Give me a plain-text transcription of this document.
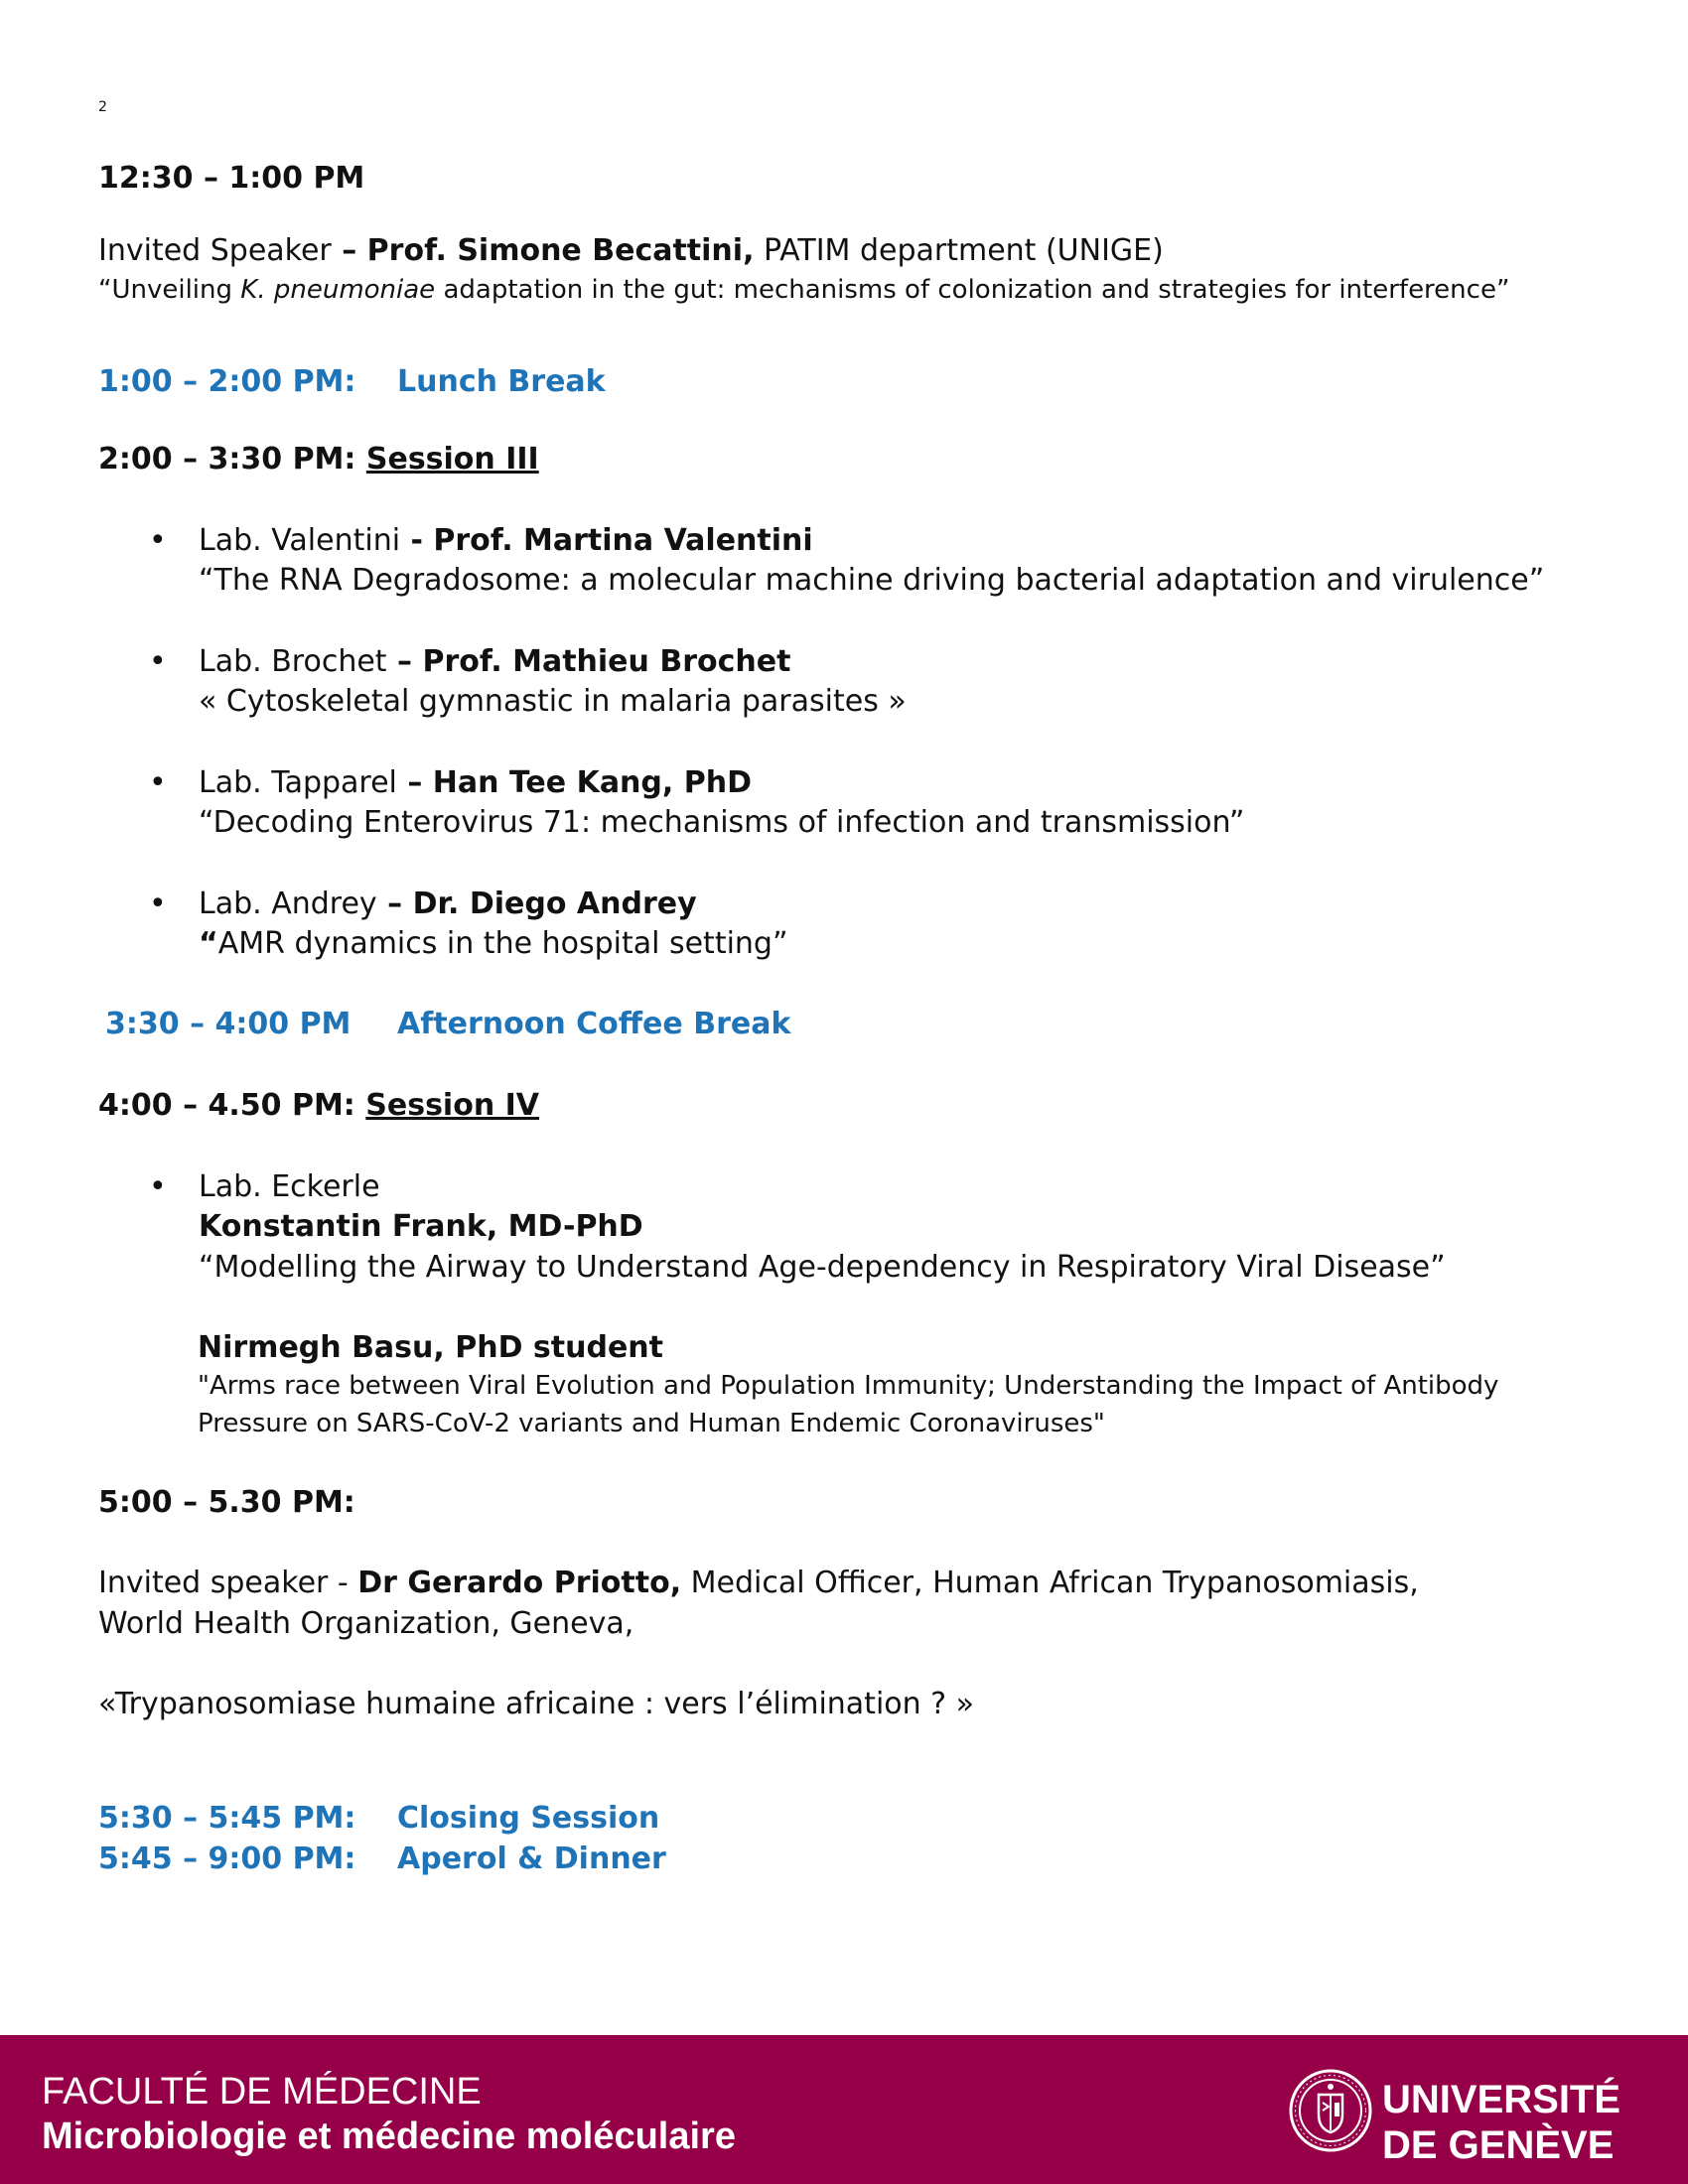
2
12:30 – 1:00 PM
Invited Speaker – Prof. Simone Becattini, PATIM department (UNIGE)
“Unveiling K. pneumoniae adaptation in the gut: mechanisms of colonization and strategies for interference”
1:00 – 2:00 PM: Lunch Break
2:00 – 3:30 PM: Session III
• Lab. Valentini - Prof. Martina Valentini
“The RNA Degradosome: a molecular machine driving bacterial adaptation and virulence”
• Lab. Brochet – Prof. Mathieu Brochet
« Cytoskeletal gymnastic in malaria parasites »
• Lab. Tapparel – Han Tee Kang, PhD
“Decoding Enterovirus 71: mechanisms of infection and transmission”
• Lab. Andrey – Dr. Diego Andrey
“AMR dynamics in the hospital setting”
3:30 – 4:00 PM Afternoon Coffee Break
4:00 – 4.50 PM: Session IV
• Lab. Eckerle
Konstantin Frank, MD-PhD
“Modelling the Airway to Understand Age-dependency in Respiratory Viral Disease”
Nirmegh Basu, PhD student
"Arms race between Viral Evolution and Population Immunity; Understanding the Impact of Antibody
Pressure on SARS-CoV-2 variants and Human Endemic Coronaviruses"
5:00 – 5.30 PM:
Invited speaker - Dr Gerardo Priotto, Medical Officer, Human African Trypanosomiasis,
World Health Organization, Geneva,
«Trypanosomiase humaine africaine : vers l’élimination ? »
5:30 – 5:45 PM: Closing Session
5:45 – 9:00 PM: Aperol & Dinner
FACULTÉ DE MÉDECINE
Microbiologie et médecine moléculaire
UNIVERSITÉ
DE GENÈVE
